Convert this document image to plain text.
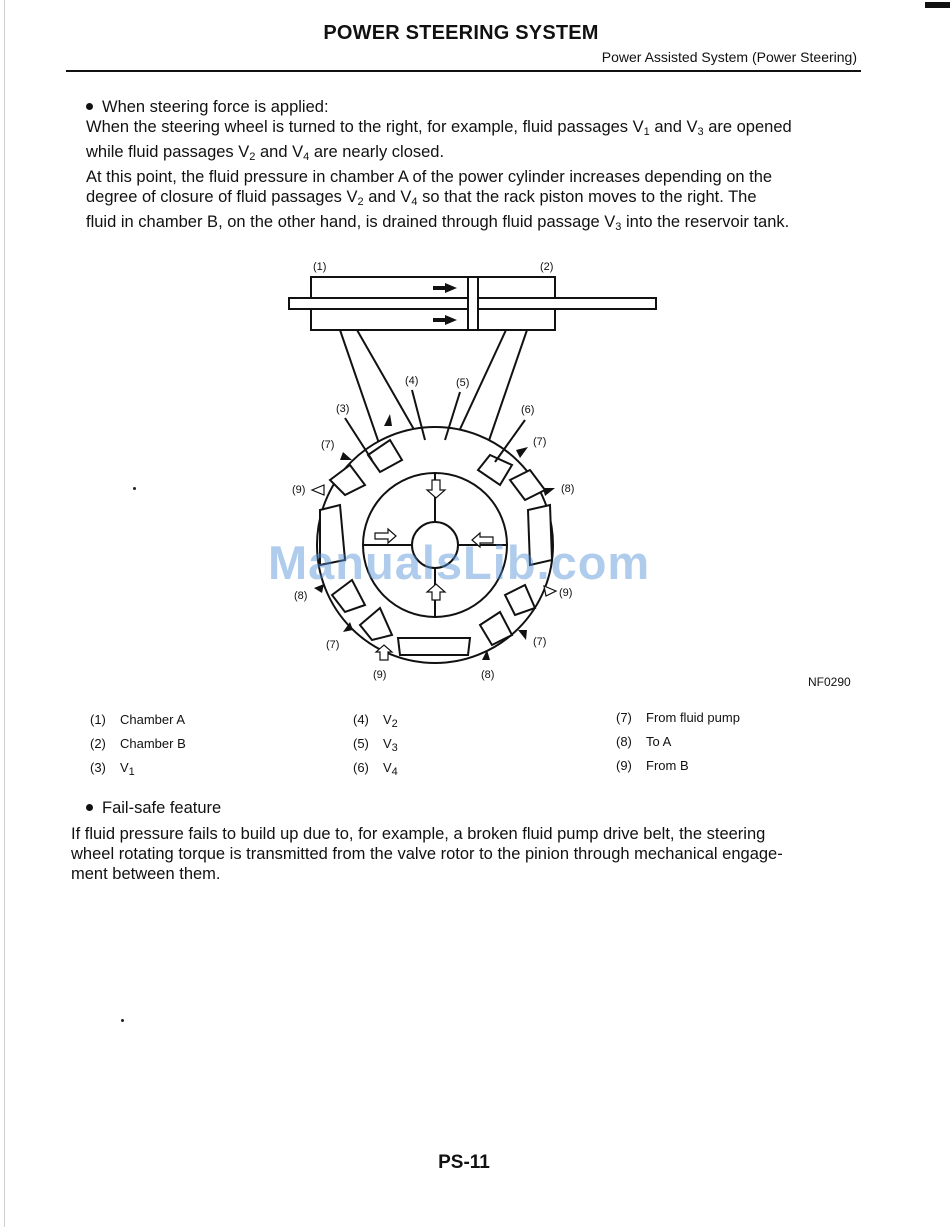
POWER STEERING SYSTEM
Power Assisted System (Power Steering)
When steering force is applied:
When the steering wheel is turned to the right, for example, fluid passages $V_1$ and $V_3$ are opened
while fluid passages $V_2$ and $V_4$ are nearly closed.
At this point, the fluid pressure in chamber A of the power cylinder increases depending on the
degree of closure of fluid passages $V_2$ and $V_4$ so that the rack piston moves to the right. The
fluid in chamber B, on the other hand, is drained through fluid passage $V_3$ into the reservoir tank.
(1)	(2)
(3)
(4)	(5)
(6)
(7)	(7)
(8)
(9)
(8)	(9)
(7)	(7)
(9)	(8)
ManualsLib.com
NF0290
(1) Chamber A
(2) Chamber B
(3) $V_1$
(4) $V_2$
(5) $V_3$
(6) $V_4$
(7) From fluid pump
(8) To A
(9) From B
Fail-safe feature
If fluid pressure fails to build up due to, for example, a broken fluid pump drive belt, the steering
wheel rotating torque is transmitted from the valve rotor to the pinion through mechanical engage-
ment between them.
PS-11
